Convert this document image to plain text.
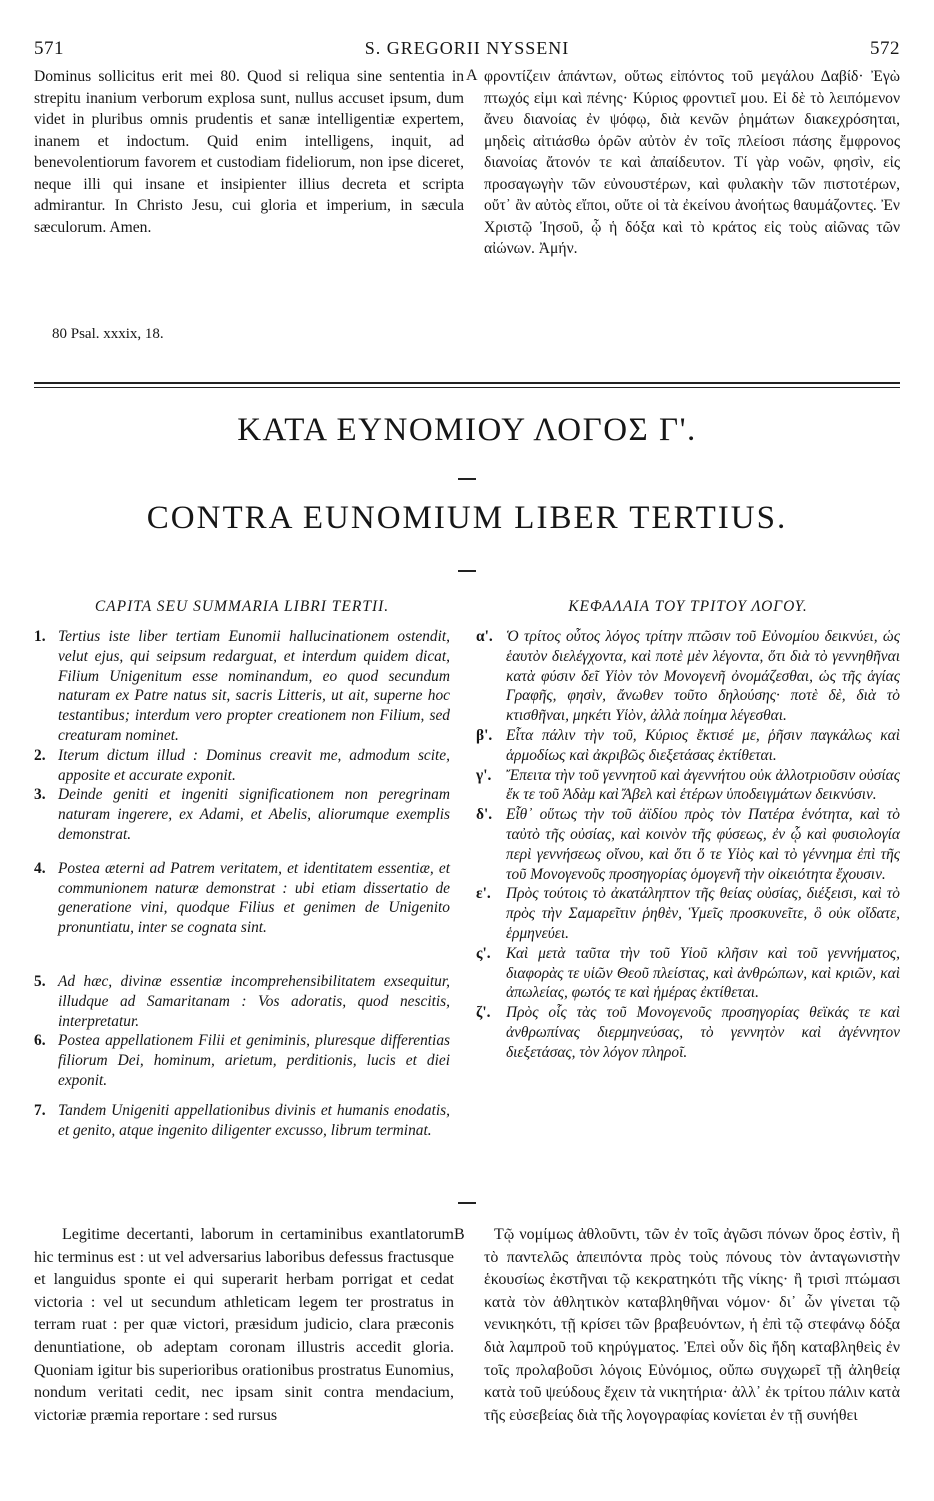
571	S. GREGORII NYSSENI	572

Dominus sollicitus erit mei 80. Quod si reliqua sine sententia in strepitu inanium verborum explosa sunt, nullus accuset ipsum, dum videt in pluribus omnis prudentis et sanæ intelligentiæ expertem, inanem et indoctum. Quid enim intelligens, inquit, ad benevolentiorum favorem et custodiam fideliorum, non ipse diceret, neque illi qui insane et insipienter illius decreta et scripta admirantur. In Christo Jesu, cui gloria et imperium, in sæcula sæculorum. Amen.

A φροντίζειν ἁπάντων, οὕτως εἰπόντος τοῦ μεγάλου Δαβίδ· Ἐγὼ πτωχός εἰμι καὶ πένης· Κύριος φροντιεῖ μου. Εἰ δὲ τὸ λειπόμενον ἄνευ διανοίας ἐν ψόφῳ, διὰ κενῶν ῥημάτων διακεχρόσηται, μηδεὶς αἰτιάσθω ὁρῶν αὐτὸν ἐν τοῖς πλείοσι πάσης ἔμφρονος διανοίας ἄτονόν τε καὶ ἀπαίδευτον. Τί γὰρ νοῶν, φησὶν, εἰς προσαγωγὴν τῶν εὐνουστέρων, καὶ φυλακὴν τῶν πιστοτέρων, οὔτ᾽ ἂν αὐτὸς εἴποι, οὔτε οἱ τὰ ἐκείνου ἀνοήτως θαυμάζοντες. Ἐν Χριστῷ Ἰησοῦ, ᾧ ἡ δόξα καὶ τὸ κράτος εἰς τοὺς αἰῶνας τῶν αἰώνων. Ἀμήν.

80 Psal. xxxix, 18.
ΚΑΤΑ ΕΥΝΟΜΙΟΥ ΛΟΓΟΣ Γ'.
CONTRA EUNOMIUM LIBER TERTIUS.
CAPITA SEU SUMMARIA LIBRI TERTII.	ΚΕΦΑΛΑΙΑ ΤΟΥ ΤΡΙΤΟΥ ΛΟΓΟΥ.
1. Tertius iste liber tertiam Eunomii hallucinationem ostendit, velut ejus, qui seipsum redarguat, et interdum quidem dicat, Filium Unigenitum esse nominandum, eo quod secundum naturam ex Patre natus sit, sacris Litteris, ut ait, superne hoc testantibus; interdum vero propter creationem non Filium, sed creaturam nominet.
2. Iterum dictum illud : Dominus creavit me, admodum scite, apposite et accurate exponit.
3. Deinde geniti et ingeniti significationem non peregrinam naturam ingerere, ex Adami, et Abelis, aliorumque exemplis demonstrat.
4. Postea æterni ad Patrem veritatem, et identitatem essentiæ, et communionem naturæ demonstrat : ubi etiam dissertatio de generatione vini, quodque Filius et genimen de Unigenito pronuntiatu, inter se cognata sint.
5. Ad hæc, divinæ essentiæ incomprehensibilitatem exsequitur, illudque ad Samaritanam : Vos adoratis, quod nescitis, interpretatur.
6. Postea appellationem Filii et geniminis, pluresque differentias filiorum Dei, hominum, arietum, perditionis, lucis et diei exponit.
7. Tandem Unigeniti appellationibus divinis et humanis enodatis, et genito, atque ingenito diligenter excusso, librum terminat.
α'. Ὁ τρίτος οὗτος λόγος τρίτην πτῶσιν τοῦ Εὐνομίου δεικνύει, ὡς ἑαυτὸν διελέγχοντα, καὶ ποτὲ μὲν λέγοντα, ὅτι διὰ τὸ γεννηθῆναι κατὰ φύσιν δεῖ Υἱὸν τὸν Μονογενῆ ὀνομάζεσθαι, ὡς τῆς ἁγίας Γραφῆς, φησὶν, ἄνωθεν τοῦτο δηλούσης· ποτὲ δὲ, διὰ τὸ κτισθῆναι, μηκέτι Υἱὸν, ἀλλὰ ποίημα λέγεσθαι.
β'. Εἶτα πάλιν τὴν τοῦ, Κύριος ἔκτισέ με, ῥῆσιν παγκάλως καὶ ἁρμοδίως καὶ ἀκριβῶς διεξετάσας ἐκτίθεται.
γ'. Ἔπειτα τὴν τοῦ γεννητοῦ καὶ ἀγεννήτου οὐκ ἀλλοτριοῦσιν οὐσίας ἔκ τε τοῦ Ἀδὰμ καὶ Ἄβελ καὶ ἑτέρων ὑποδειγμάτων δεικνύσιν.
δ'. Εἶθ᾽ οὕτως τὴν τοῦ ἀϊδίου πρὸς τὸν Πατέρα ἑνότητα, καὶ τὸ ταὐτὸ τῆς οὐσίας, καὶ κοινὸν τῆς φύσεως, ἐν ᾧ καὶ φυσιολογία περὶ γεννήσεως οἴνου, καὶ ὅτι ὅ τε Υἱὸς καὶ τὸ γέννημα ἐπὶ τῆς τοῦ Μονογενοῦς προσηγορίας ὁμογενῆ τὴν οἰκειότητα ἔχουσιν.
ε'. Πρὸς τούτοις τὸ ἀκατάληπτον τῆς θείας οὐσίας, διέξεισι, καὶ τὸ πρὸς τὴν Σαμαρεῖτιν ῥηθὲν, Ὑμεῖς προσκυνεῖτε, ὃ οὐκ οἴδατε, ἑρμηνεύει.
ς'. Καὶ μετὰ ταῦτα τὴν τοῦ Υἱοῦ κλῆσιν καὶ τοῦ γεννήματος, διαφορὰς τε υἱῶν Θεοῦ πλείστας, καὶ ἀνθρώπων, καὶ κριῶν, καὶ ἀπωλείας, φωτός τε καὶ ἡμέρας ἐκτίθεται.
ζ'.	Πρὸς οἷς τὰς τοῦ Μονογενοῦς προσηγορίας θεϊκάς τε καὶ ἀνθρωπίνας διερμηνεύσας, τὸ γεννητὸν καὶ ἀγέννητον διεξετάσας, τὸν λόγον πληροῖ.

Legitime decertanti, laborum in certaminibus exantlatorum hic terminus est : ut vel adversarius laboribus defessus fractusque et languidus sponte ei qui superarit herbam porrigat et cedat victoria : vel ut secundum athleticam legem ter prostratus in terram ruat : per quæ victori, præsidum judicio, clara præconis denuntiatione, ob adeptam coronam illustris accedit gloria. Quoniam igitur bis superioribus orationibus prostratus Eunomius, nondum veritati cedit, nec ipsam sinit contra mendacium, victoriæ præmia reportare : sed rursus

B	Τῷ νομίμως ἀθλοῦντι, τῶν ἐν τοῖς ἀγῶσι πόνων ὅρος ἐστὶν, ἢ τὸ παντελῶς ἀπειπόντα πρὸς τοὺς πόνους τὸν ἀνταγωνιστὴν ἑκουσίως ἐκστῆναι τῷ κεκρατηκότι τῆς νίκης· ἢ τρισὶ πτώμασι κατὰ τὸν ἀθλητικὸν καταβληθῆναι νόμον· δι᾽ ὧν γίνεται τῷ νενικηκότι, τῇ κρίσει τῶν βραβευόντων, ἡ ἐπὶ τῷ στεφάνῳ δόξα διὰ λαμπροῦ τοῦ κηρύγματος. Ἐπεὶ οὖν δὶς ἤδη καταβληθεὶς ἐν τοῖς προλαβοῦσι λόγοις Εὐνόμιος, οὔπω συγχωρεῖ τῇ ἀληθείᾳ κατὰ τοῦ ψεύδους ἔχειν τὰ νικητήρια· ἀλλ᾽ ἐκ τρίτου πάλιν κατὰ τῆς εὐσεβείας διὰ τῆς λογογραφίας κονίεται ἐν τῇ συνήθει
